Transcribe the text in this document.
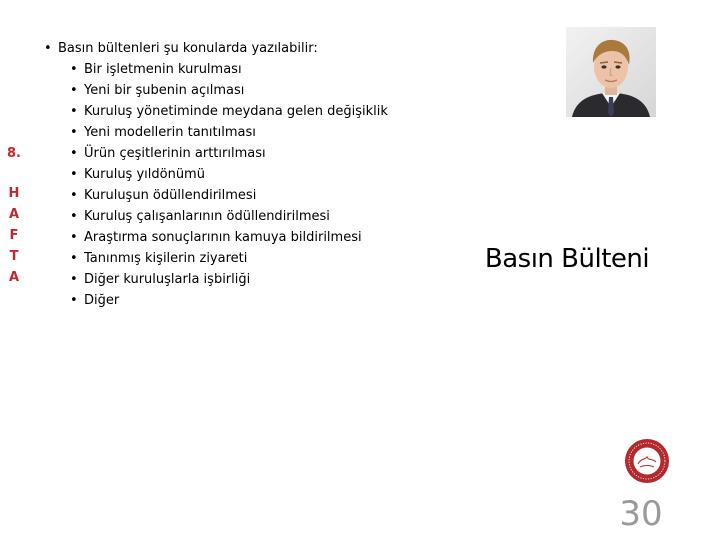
8.
H
A
F
T
A
• Basın bültenleri şu konularda yazılabilir:
• Bir işletmenin kurulması
• Yeni bir şubenin açılması
• Kuruluş yönetiminde meydana gelen değişiklik
• Yeni modellerin tanıtılması
• Ürün çeşitlerinin arttırılması
• Kuruluş yıldönümü
• Kuruluşun ödüllendirilmesi
• Kuruluş çalışanlarının ödüllendirilmesi
• Araştırma sonuçlarının kamuya bildirilmesi
• Tanınmış kişilerin ziyareti
• Diğer kuruluşlarla işbirliği
• Diğer
Basın Bülteni
30
